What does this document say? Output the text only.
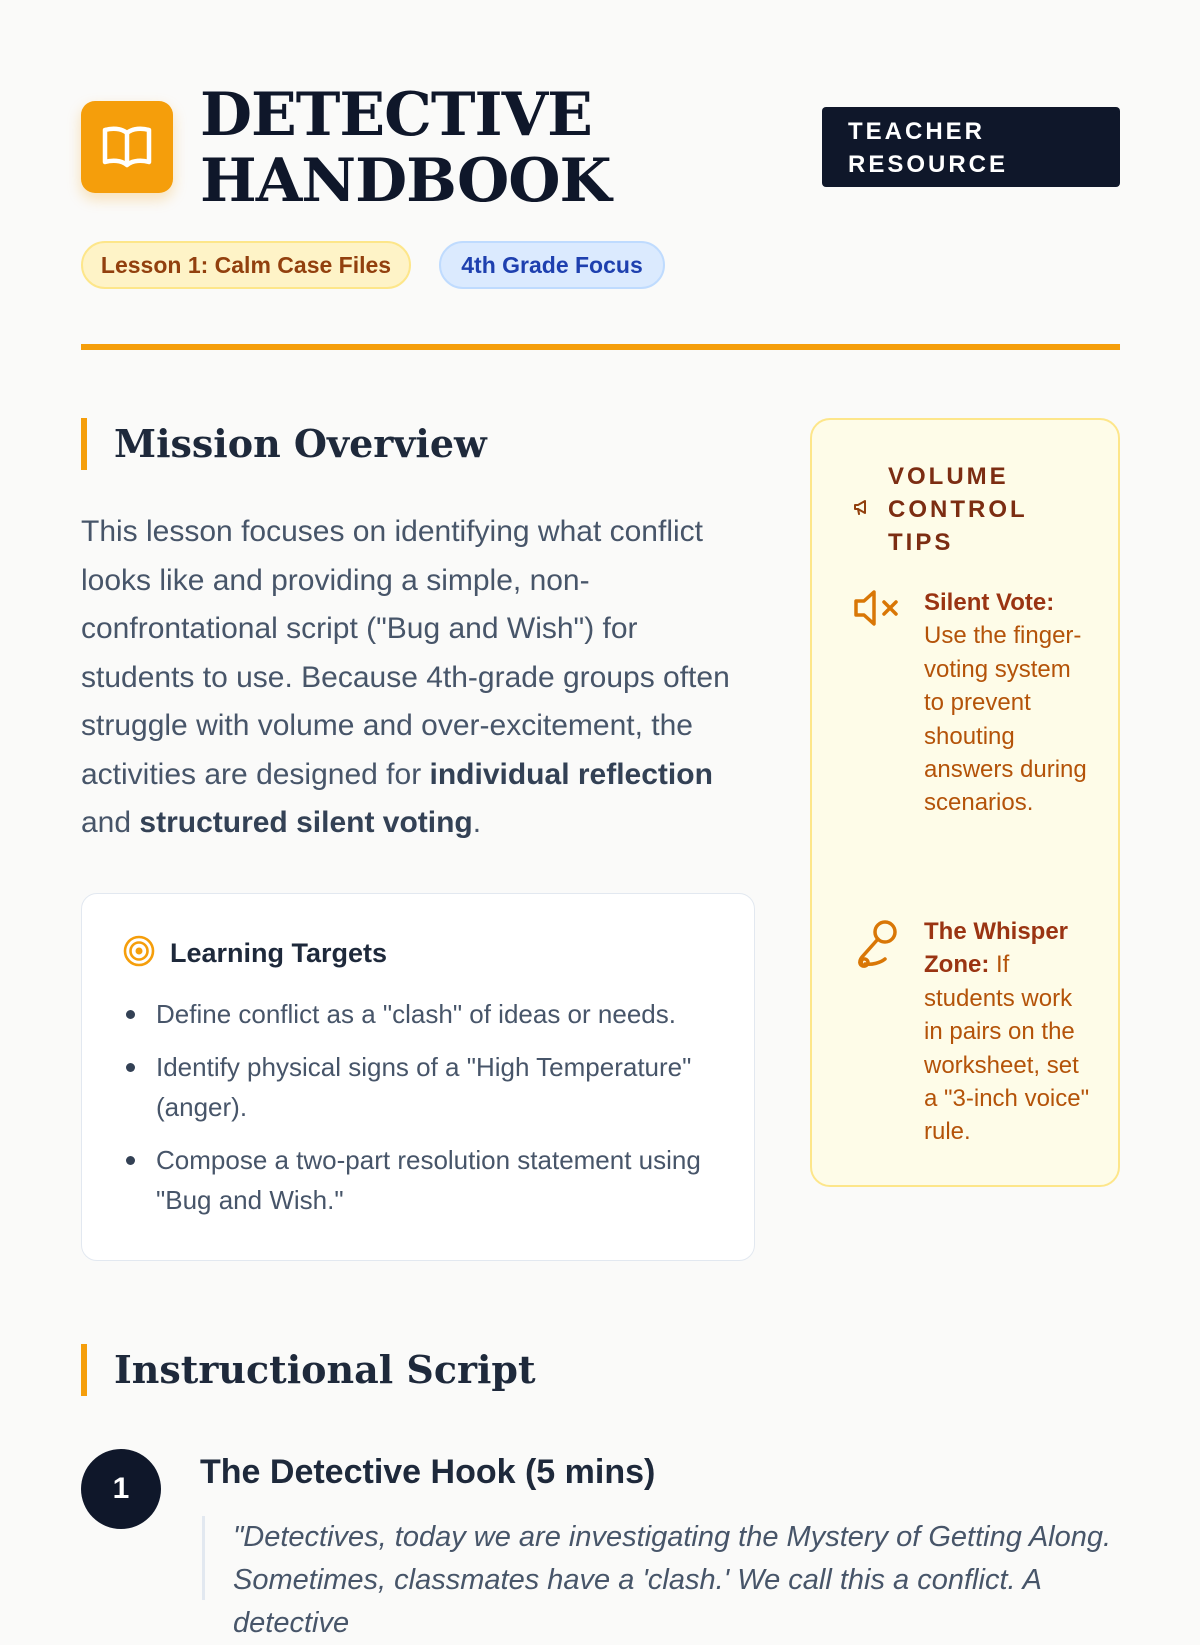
DETECTIVE
HANDBOOK
TEACHER
RESOURCE
Lesson 1: Calm Case Files	4th Grade Focus
Mission Overview

This lesson focuses on identifying what conflict looks like and providing a simple, non-confrontational script ("Bug and Wish") for students to use. Because 4th-grade groups often struggle with volume and over-excitement, the activities are designed for individual reflection and structured silent voting.

Learning Targets
Define conflict as a "clash" of ideas or needs.
Identify physical signs of a "High Temperature" (anger).
Compose a two-part resolution statement using "Bug and Wish."
VOLUME CONTROL TIPS
Silent Vote:
Use the finger-voting system to prevent shouting answers during scenarios.
The Whisper Zone: If students work in pairs on the worksheet, set a "3-inch voice" rule.
Instructional Script
1	The Detective Hook (5 mins)
"Detectives, today we are investigating the Mystery of Getting Along. Sometimes, classmates have a 'clash.' We call this a conflict. A detective
